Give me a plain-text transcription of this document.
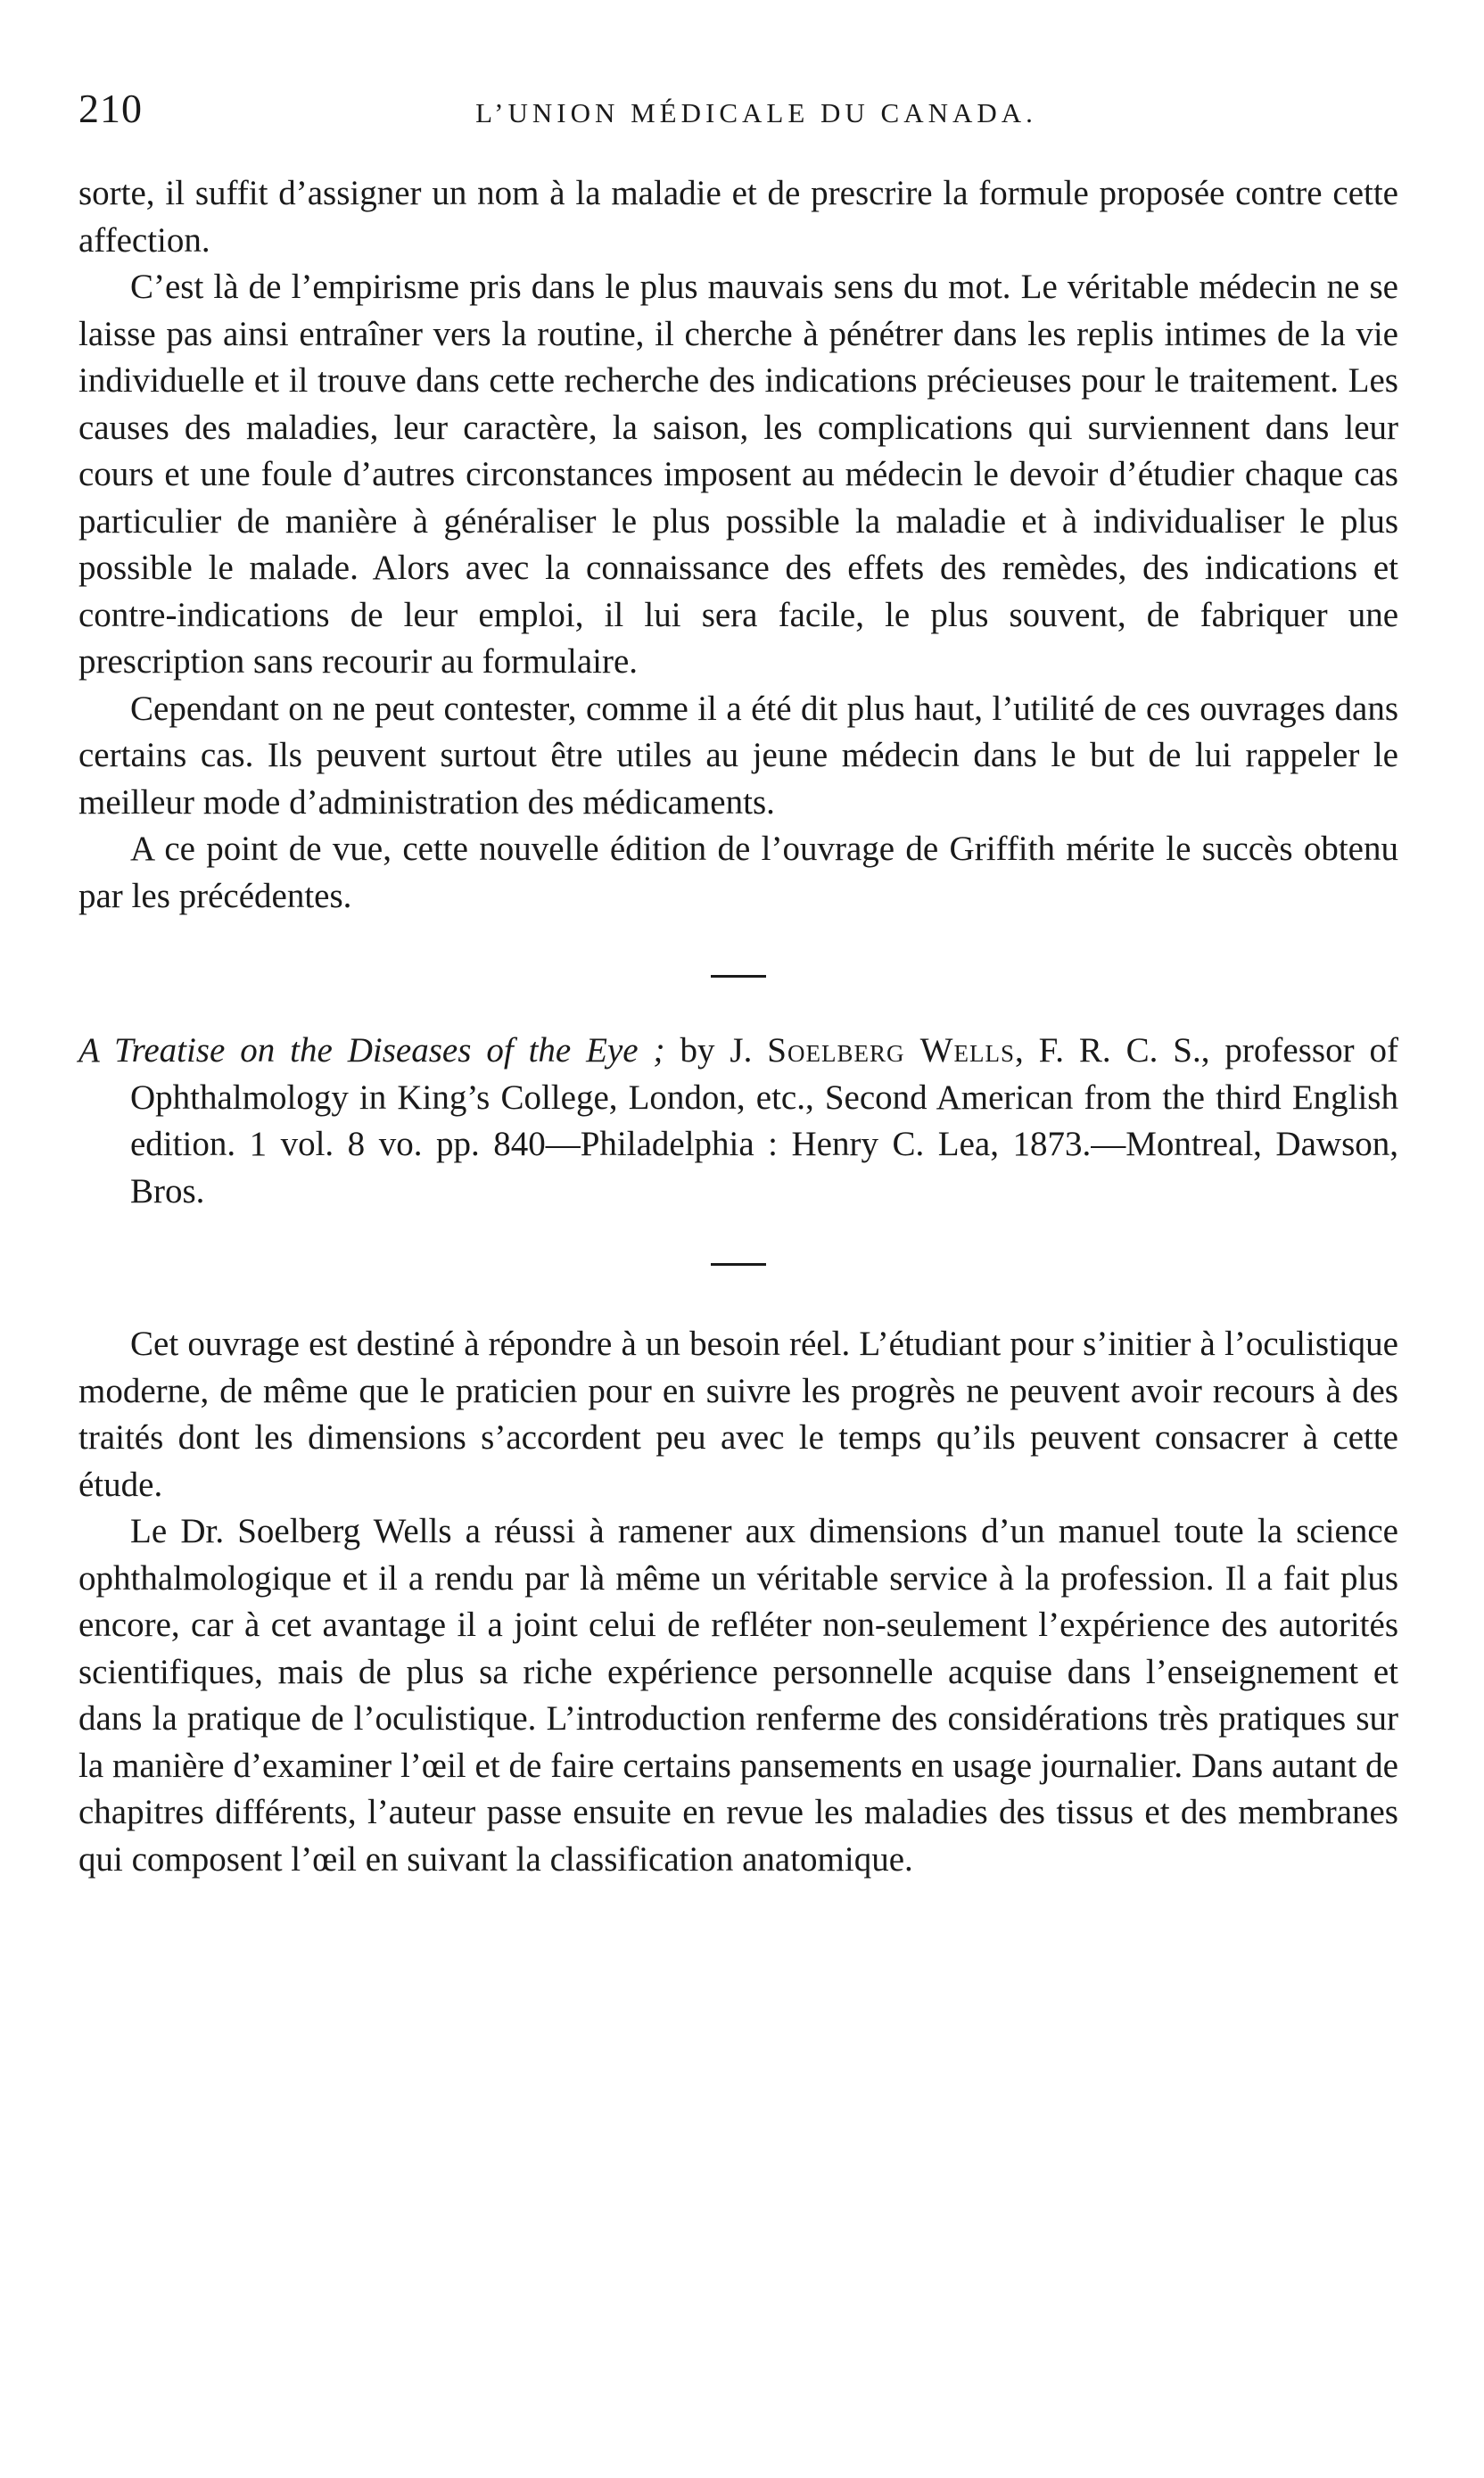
210	L’UNION MÉDICALE DU CANADA.

sorte, il suffit d’assigner un nom à la maladie et de prescrire la formule proposée contre cette affection.

C’est là de l’empirisme pris dans le plus mauvais sens du mot. Le véritable médecin ne se laisse pas ainsi entraîner vers la routine, il cherche à pénétrer dans les replis intimes de la vie individuelle et il trouve dans cette recherche des indications précieuses pour le traitement. Les causes des maladies, leur caractère, la saison, les complications qui surviennent dans leur cours et une foule d’autres circonstances imposent au médecin le devoir d’étudier chaque cas particulier de manière à généraliser le plus possible la maladie et à individualiser le plus possible le malade. Alors avec la connaissance des effets des remèdes, des indications et contre-indications de leur emploi, il lui sera facile, le plus souvent, de fabriquer une prescription sans recourir au formulaire.

Cependant on ne peut contester, comme il a été dit plus haut, l’utilité de ces ouvrages dans certains cas. Ils peuvent surtout être utiles au jeune médecin dans le but de lui rappeler le meilleur mode d’administration des médicaments.

A ce point de vue, cette nouvelle édition de l’ouvrage de Griffith mérite le succès obtenu par les précédentes.

A Treatise on the Diseases of the Eye ; by J. Soelberg Wells, F. R. C. S., professor of Ophthalmology in King’s College, London, etc., Second American from the third English edition. 1 vol. 8 vo. pp. 840—Philadelphia : Henry C. Lea, 1873.—Montreal, Dawson, Bros.

Cet ouvrage est destiné à répondre à un besoin réel. L’étudiant pour s’initier à l’oculistique moderne, de même que le praticien pour en suivre les progrès ne peuvent avoir recours à des traités dont les dimensions s’accordent peu avec le temps qu’ils peuvent consacrer à cette étude.

Le Dr. Soelberg Wells a réussi à ramener aux dimensions d’un manuel toute la science ophthalmologique et il a rendu par là même un véritable service à la profession. Il a fait plus encore, car à cet avantage il a joint celui de refléter non-seulement l’expérience des autorités scientifiques, mais de plus sa riche expérience personnelle acquise dans l’enseignement et dans la pratique de l’oculistique. L’introduction renferme des considérations très pratiques sur la manière d’examiner l’œil et de faire certains pansements en usage journalier. Dans autant de chapitres différents, l’auteur passe ensuite en revue les maladies des tissus et des membranes qui composent l’œil en suivant la classification anatomique.
